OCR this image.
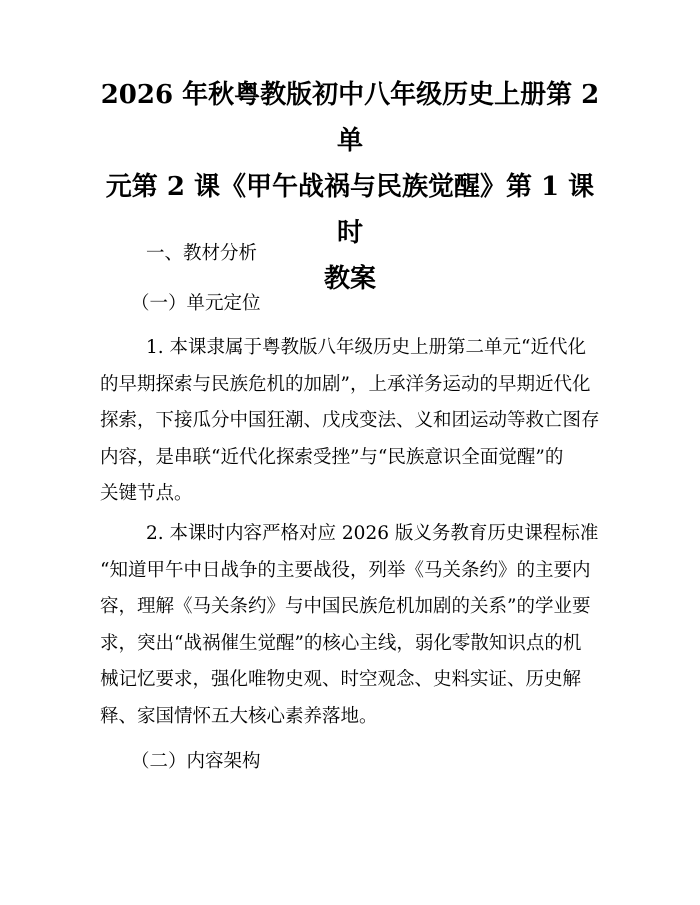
2026 年秋粤教版初中八年级历史上册第 2 单
元第 2 课《甲午战祸与民族觉醒》第 1 课时
教案
一、教材分析
（一）单元定位

1. 本课隶属于粤教版八年级历史上册第二单元“近代化
的早期探索与民族危机的加剧”，上承洋务运动的早期近代化
探索，下接瓜分中国狂潮、戊戌变法、义和团运动等救亡图存
内容，是串联“近代化探索受挫”与“民族意识全面觉醒”的
关键节点。

2. 本课时内容严格对应 2026 版义务教育历史课程标准
“知道甲午中日战争的主要战役，列举《马关条约》的主要内
容，理解《马关条约》与中国民族危机加剧的关系”的学业要
求，突出“战祸催生觉醒”的核心主线，弱化零散知识点的机
械记忆要求，强化唯物史观、时空观念、史料实证、历史解
释、家国情怀五大核心素养落地。

（二）内容架构
